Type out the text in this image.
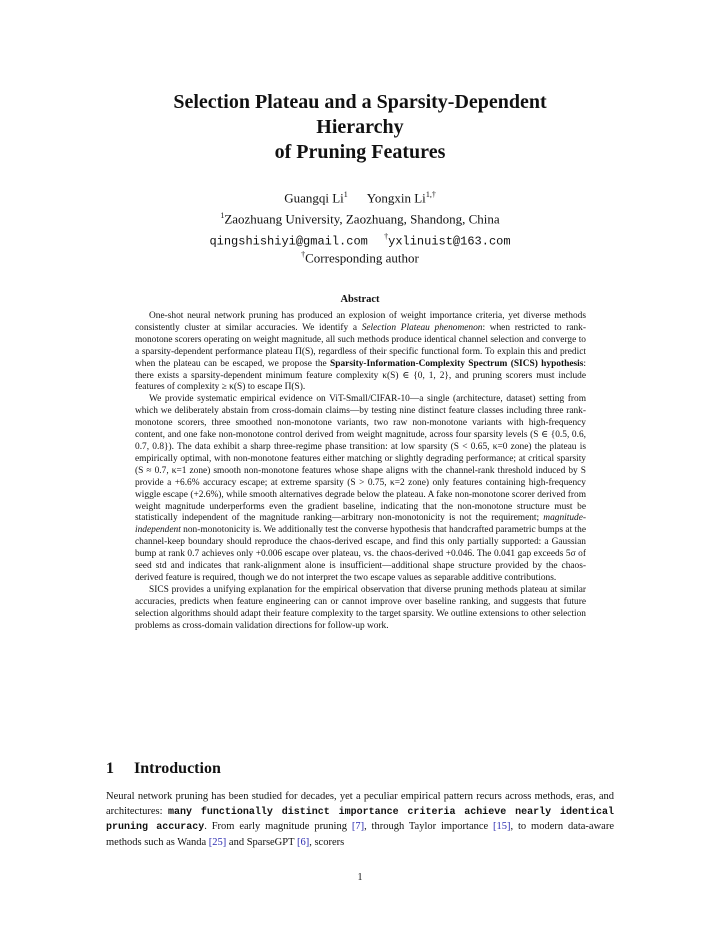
Selection Plateau and a Sparsity-Dependent
Hierarchy
of Pruning Features
Guangqi Li$^1$ Yongxin $Li^{1,\dagger}$
$^1$Zaozhuang University, Zaozhuang, Shandong, China
qingshishiyi@gmail.com †yxlinuist@163.com
†Corresponding author
Abstract

One-shot neural network pruning has produced an explosion of weight importance criteria, yet diverse methods consistently cluster at similar accuracies. We identify a Selection Plateau phenomenon: when restricted to rank-monotone scorers operating on weight magnitude, all such methods produce identical channel selection and converge to a sparsity-dependent performance plateau Π(S), regardless of their specific functional form. To explain this and predict when the plateau can be escaped, we propose the Sparsity-Information-Complexity Spectrum (SICS) hypothesis: there exists a sparsity-dependent minimum feature complexity κ(S) ∈ {0, 1, 2}, and pruning scorers must include features of complexity ≥ κ(S) to escape Π(S).

We provide systematic empirical evidence on ViT-Small/CIFAR-10—a single (architecture, dataset) setting from which we deliberately abstain from cross-domain claims—by testing nine distinct feature classes including three rank-monotone scorers, three smoothed non-monotone variants, two raw non-monotone variants with high-frequency content, and one fake non-monotone control derived from weight magnitude, across four sparsity levels (S ∈ {0.5, 0.6, 0.7, 0.8}). The data exhibit a sharp three-regime phase transition: at low sparsity (S < 0.65, κ=0 zone) the plateau is empirically optimal, with non-monotone features either matching or slightly degrading performance; at critical sparsity (S ≈ 0.7, κ=1 zone) smooth non-monotone features whose shape aligns with the channel-rank threshold induced by S provide a +6.6% accuracy escape; at extreme sparsity (S > 0.75, κ=2 zone) only features containing high-frequency wiggle escape (+2.6%), while smooth alternatives degrade below the plateau. A fake non-monotone scorer derived from weight magnitude underperforms even the gradient baseline, indicating that the non-monotone structure must be statistically independent of the magnitude ranking—arbitrary non-monotonicity is not the requirement; magnitude-independent non-monotonicity is. We additionally test the converse hypothesis that handcrafted parametric bumps at the channel-keep boundary should reproduce the chaos-derived escape, and find this only partially supported: a Gaussian bump at rank 0.7 achieves only +0.006 escape over plateau, vs. the chaos-derived +0.046. The 0.041 gap exceeds 5σ of seed std and indicates that rank-alignment alone is insufficient—additional shape structure provided by the chaos-derived feature is required, though we do not interpret the two escape values as separable additive contributions.

SICS provides a unifying explanation for the empirical observation that diverse pruning methods plateau at similar accuracies, predicts when feature engineering can or cannot improve over baseline ranking, and suggests that future selection algorithms should adapt their feature complexity to the target sparsity. We outline extensions to other selection problems as cross-domain validation directions for follow-up work.

1 Introduction

Neural network pruning has been studied for decades, yet a peculiar empirical pattern recurs across methods, eras, and architectures: many functionally distinct importance criteria achieve nearly identical pruning accuracy. From early magnitude pruning [7], through Taylor importance [15], to modern data-aware methods such as Wanda [25] and SparseGPT [6], scorers

1
